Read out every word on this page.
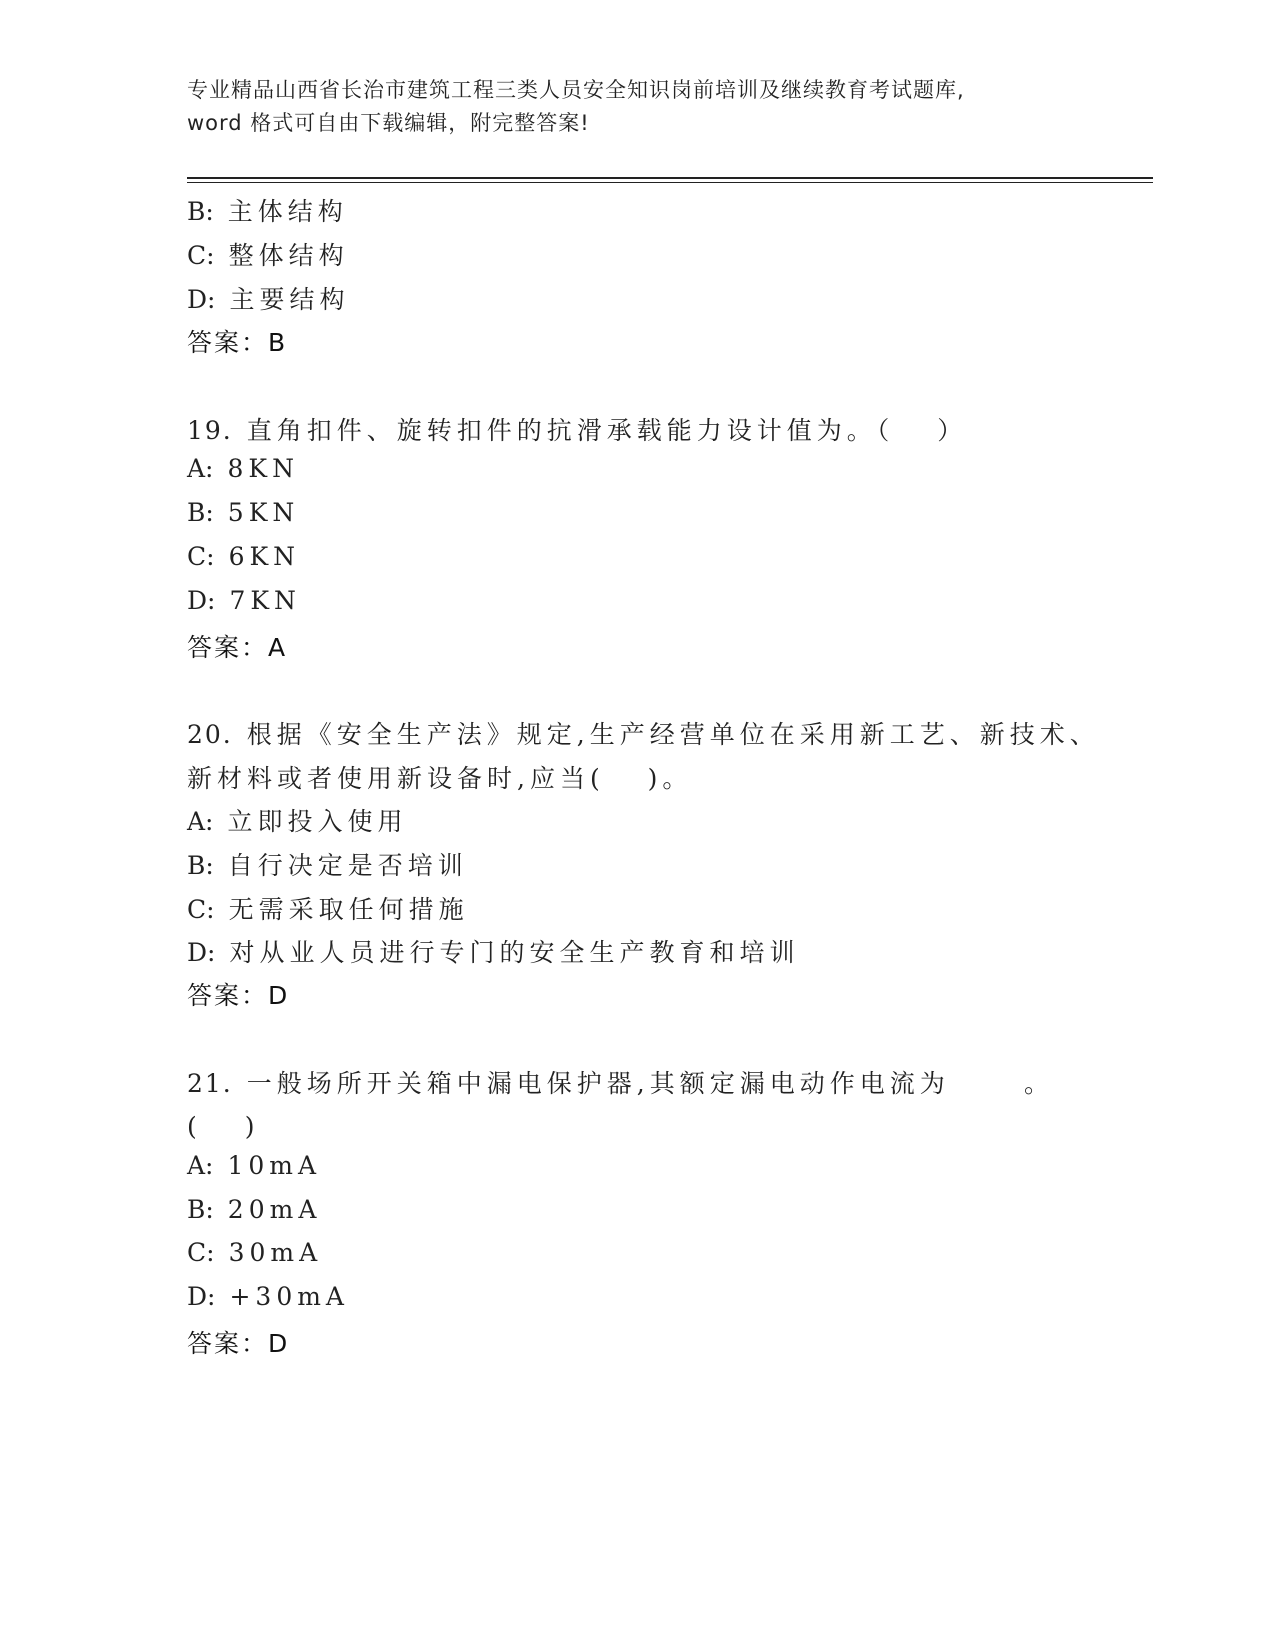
专业精品山西省长治市建筑工程三类人员安全知识岗前培训及继续教育考试题库,
word 格式可自由下载编辑，附完整答案!
B: 主体结构
C: 整体结构
D: 主要结构
答案：B
19. 直角扣件、旋转扣件的抗滑承载能力设计值为。（　 ）
A: 8KN
B: 5KN
C: 6KN
D: 7KN
答案：A
20. 根据《安全生产法》规定,生产经营单位在采用新工艺、新技术、
新材料或者使用新设备时,应当(　 )。
A: 立即投入使用
B: 自行决定是否培训
C: 无需采取任何措施
D: 对从业人员进行专门的安全生产教育和培训
答案：D
21. 一般场所开关箱中漏电保护器,其额定漏电动作电流为	。
(　 )
A: 10mA
B: 20mA
C: 30mA
D: +30mA
答案：D
